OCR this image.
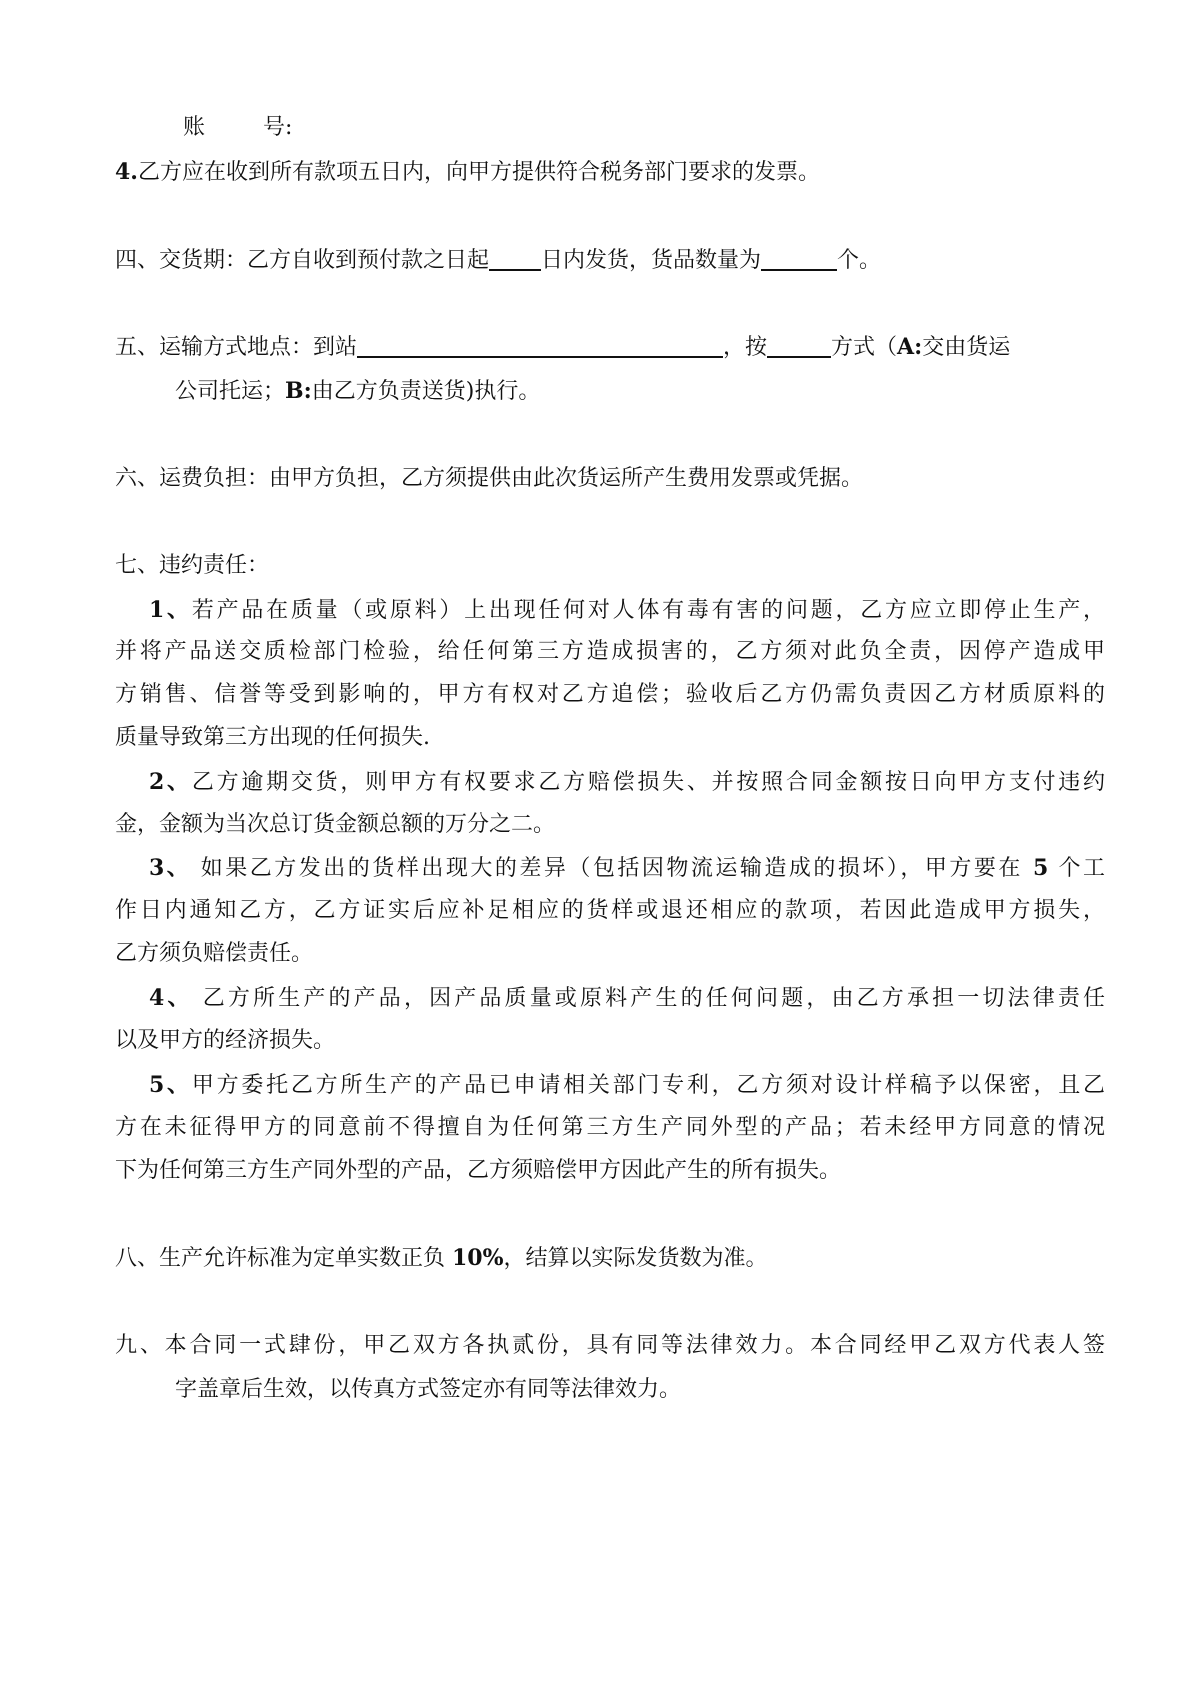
账	号:
4.乙方应在收到所有款项五日内，向甲方提供符合税务部门要求的发票。
四、交货期：乙方自收到预付款之日起 日内发货，货品数量为	个。
五、运输方式地点：到站	，按	方式（A:交由货运
公司托运；B:由乙方负责送货)执行。
六、运费负担：由甲方负担，乙方须提供由此次货运所产生费用发票或凭据。
七、违约责任：
1、若产品在质量（或原料）上出现任何对人体有毒有害的问题，乙方应立即停止生产，
并将产品送交质检部门检验，给任何第三方造成损害的，乙方须对此负全责，因停产造成甲
方销售、信誉等受到影响的，甲方有权对乙方追偿；验收后乙方仍需负责因乙方材质原料的
质量导致第三方出现的任何损失.
2、乙方逾期交货，则甲方有权要求乙方赔偿损失、并按照合同金额按日向甲方支付违约
金，金额为当次总订货金额总额的万分之二。
3、 如果乙方发出的货样出现大的差异（包括因物流运输造成的损坏），甲方要在 5 个工
作日内通知乙方，乙方证实后应补足相应的货样或退还相应的款项，若因此造成甲方损失，
乙方须负赔偿责任。
4、 乙方所生产的产品，因产品质量或原料产生的任何问题，由乙方承担一切法律责任
以及甲方的经济损失。
5、甲方委托乙方所生产的产品已申请相关部门专利，乙方须对设计样稿予以保密，且乙
方在未征得甲方的同意前不得擅自为任何第三方生产同外型的产品；若未经甲方同意的情况
下为任何第三方生产同外型的产品，乙方须赔偿甲方因此产生的所有损失。
八、生产允许标准为定单实数正负 10%，结算以实际发货数为准。
九、本合同一式肆份，甲乙双方各执贰份，具有同等法律效力。本合同经甲乙双方代表人签
字盖章后生效，以传真方式签定亦有同等法律效力。
